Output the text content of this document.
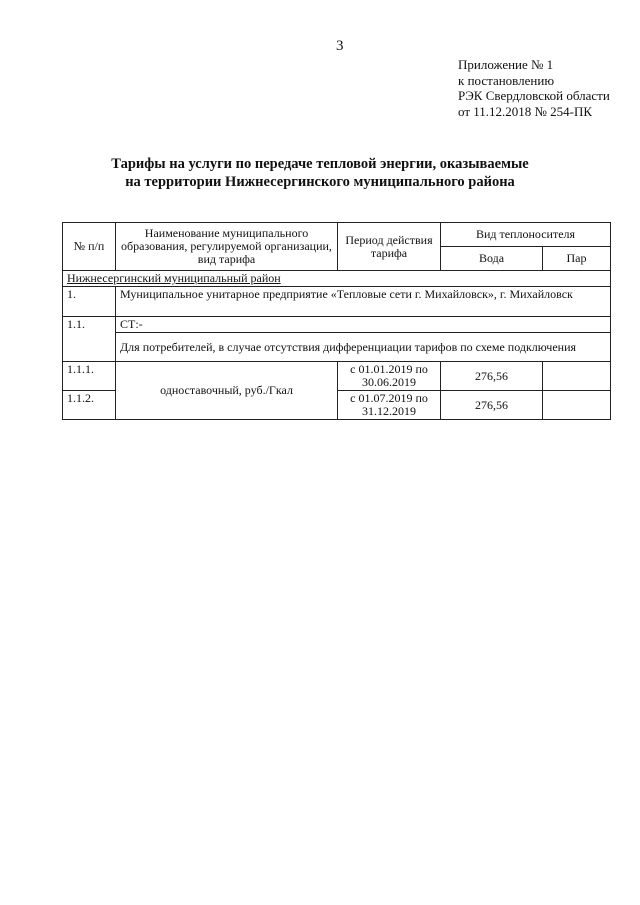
3
Приложение № 1
к постановлению
РЭК Свердловской области
от 11.12.2018 № 254-ПК
Тарифы на услуги по передаче тепловой энергии, оказываемые
на территории Нижнесергинского муниципального района
№ п/п	Наименование муниципального образования, регулируемой организации, вид тарифа	Период действия тарифа	Вид теплоносителя	
			Вода	Пар
Нижнесергинский муниципальный район				
1.	Муниципальное унитарное предприятие «Тепловые сети г. Михайловск», г. Михайловск			
1.1.	СТ:-			
	Для потребителей, в случае отсутствия дифференциации тарифов по схеме подключения			
1.1.1.	одноставочный, руб./Гкал	с 01.01.2019 по 30.06.2019	276,56	
1.1.2.		с 01.07.2019 по 31.12.2019	276,56	
